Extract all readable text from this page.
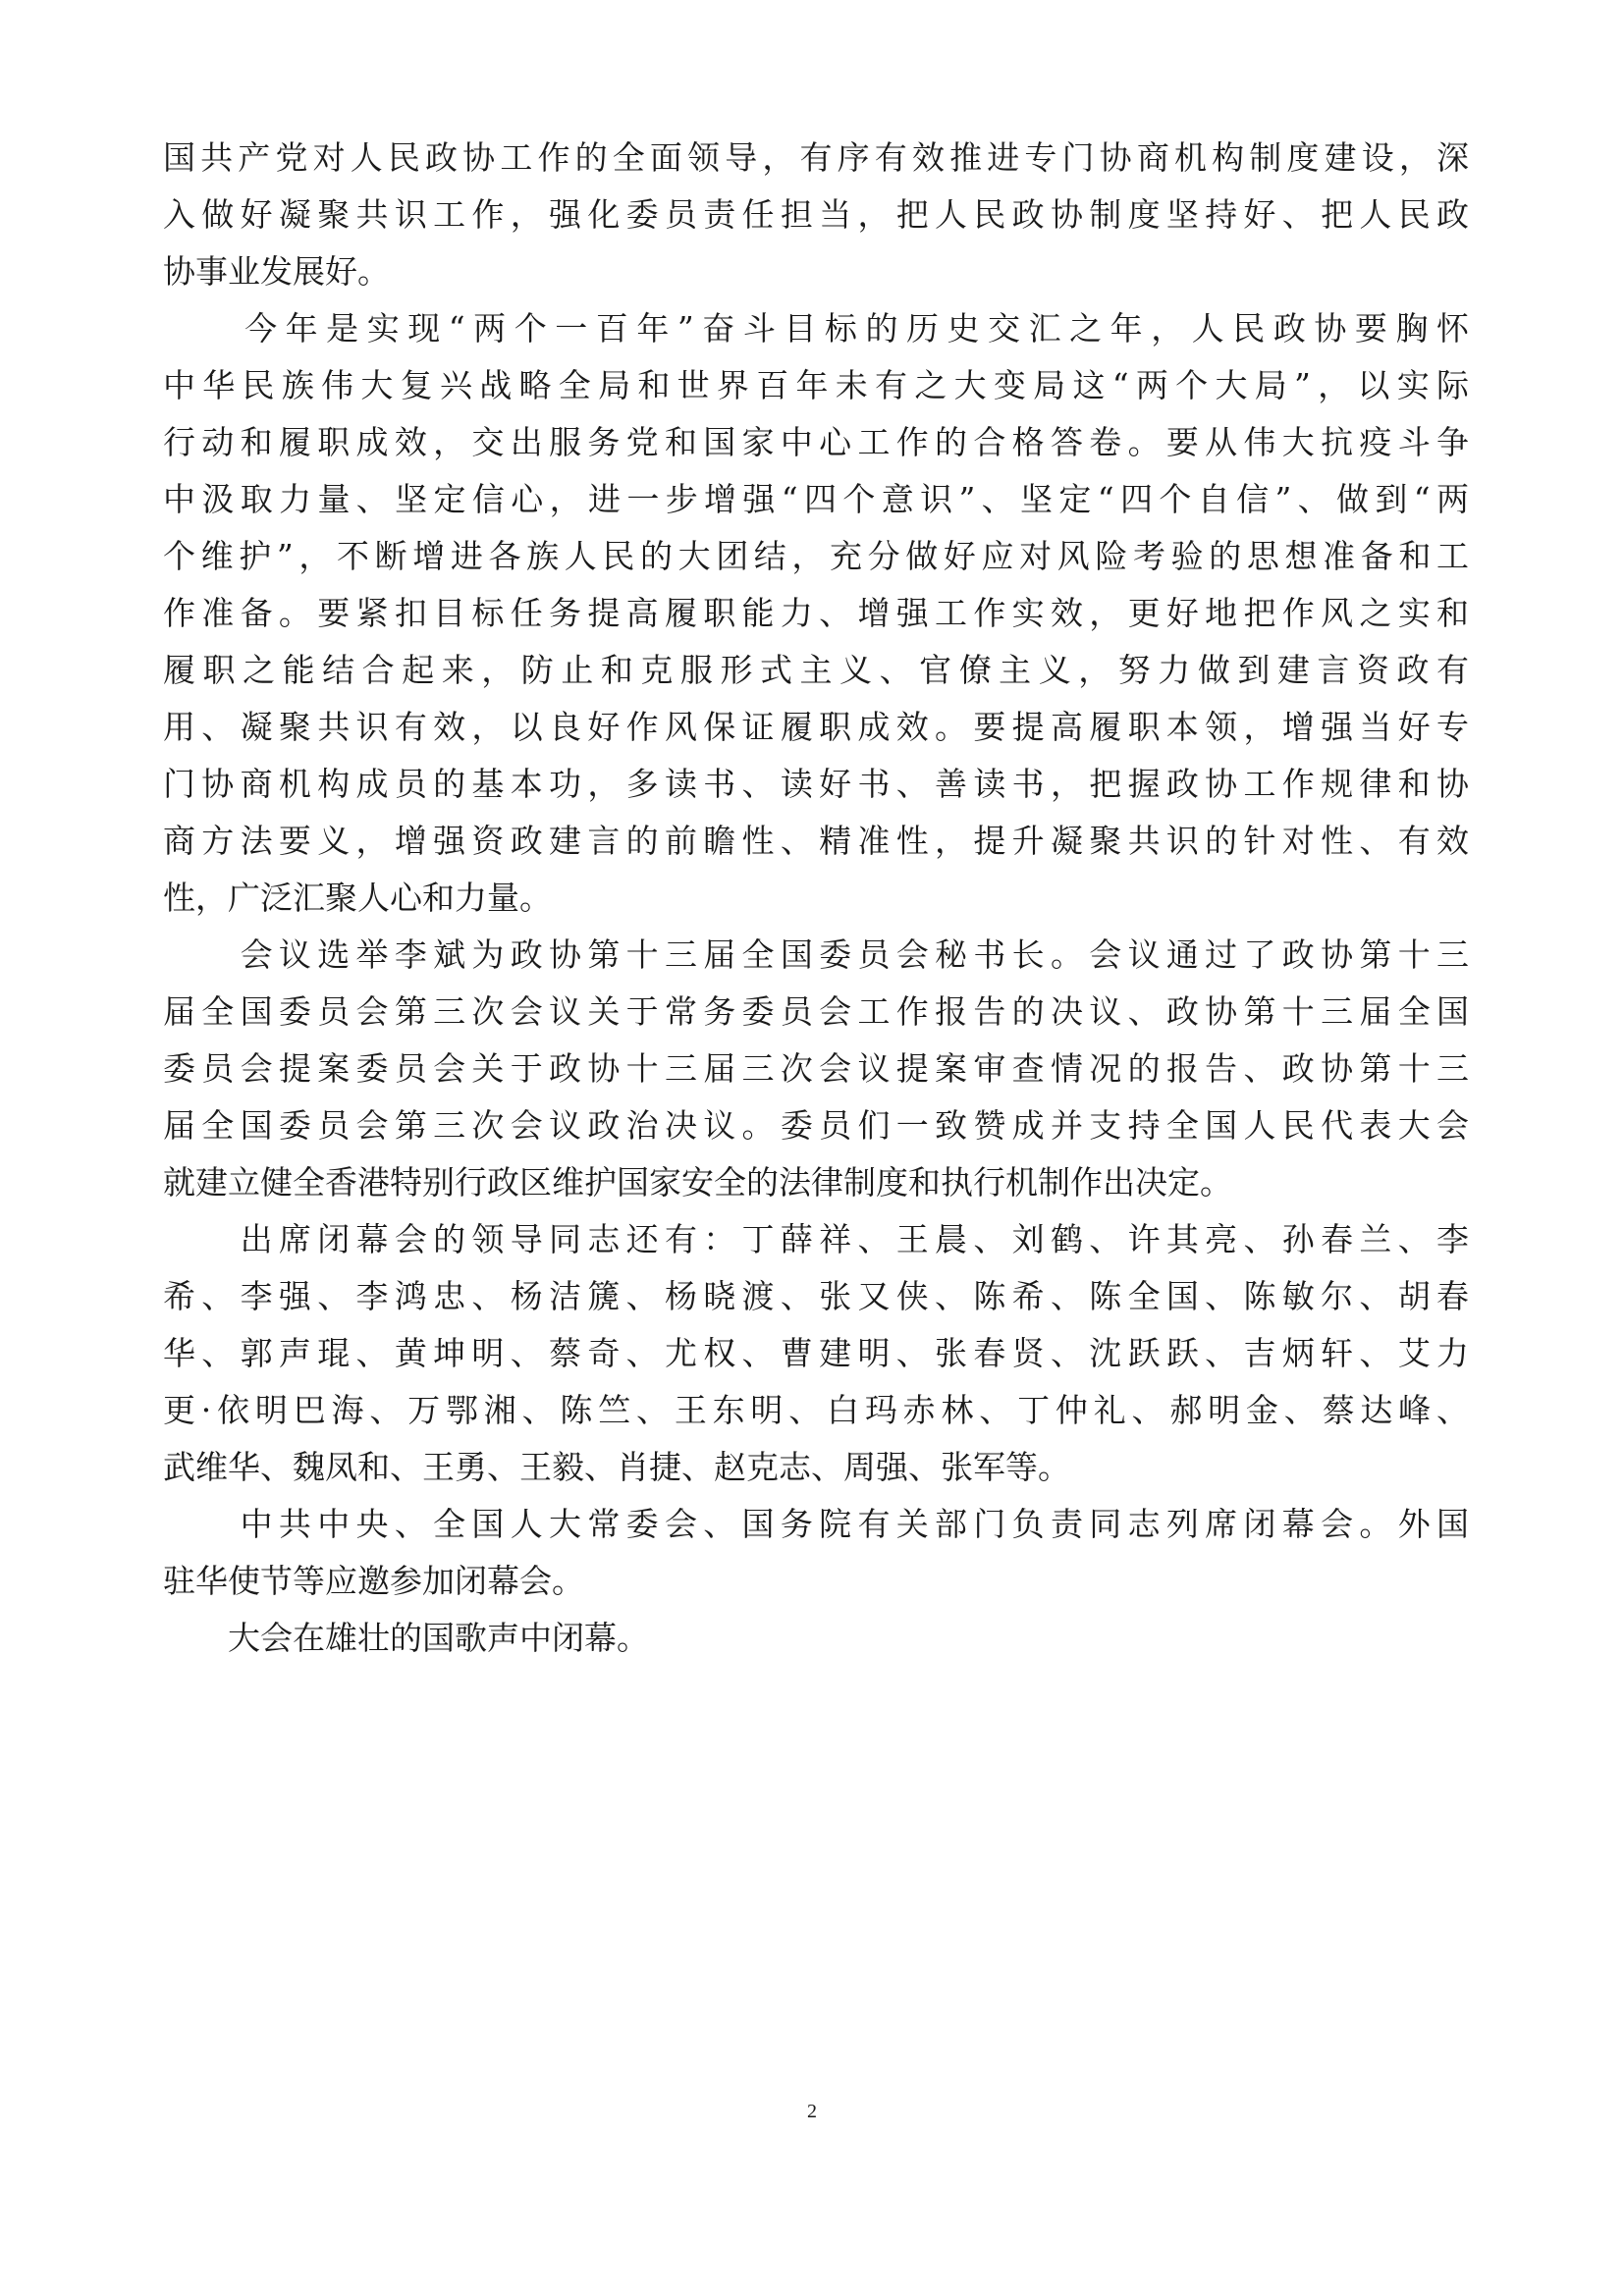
国共产党对人民政协工作的全面领导，有序有效推进专门协商机构制度建设，深
入做好凝聚共识工作，强化委员责任担当，把人民政协制度坚持好、把人民政
协事业发展好。
　　今年是实现“两个一百年”奋斗目标的历史交汇之年，人民政协要胸怀
中华民族伟大复兴战略全局和世界百年未有之大变局这“两个大局”，以实际
行动和履职成效，交出服务党和国家中心工作的合格答卷。要从伟大抗疫斗争
中汲取力量、坚定信心，进一步增强“四个意识”、坚定“四个自信”、做到“两
个维护”，不断增进各族人民的大团结，充分做好应对风险考验的思想准备和工
作准备。要紧扣目标任务提高履职能力、增强工作实效，更好地把作风之实和
履职之能结合起来，防止和克服形式主义、官僚主义，努力做到建言资政有
用、凝聚共识有效，以良好作风保证履职成效。要提高履职本领，增强当好专
门协商机构成员的基本功，多读书、读好书、善读书，把握政协工作规律和协
商方法要义，增强资政建言的前瞻性、精准性，提升凝聚共识的针对性、有效
性，广泛汇聚人心和力量。
　　会议选举李斌为政协第十三届全国委员会秘书长。会议通过了政协第十三
届全国委员会第三次会议关于常务委员会工作报告的决议、政协第十三届全国
委员会提案委员会关于政协十三届三次会议提案审查情况的报告、政协第十三
届全国委员会第三次会议政治决议。委员们一致赞成并支持全国人民代表大会
就建立健全香港特别行政区维护国家安全的法律制度和执行机制作出决定。
　　出席闭幕会的领导同志还有：丁薛祥、王晨、刘鹤、许其亮、孙春兰、李
希、李强、李鸿忠、杨洁篪、杨晓渡、张又侠、陈希、陈全国、陈敏尔、胡春
华、郭声琨、黄坤明、蔡奇、尤权、曹建明、张春贤、沈跃跃、吉炳轩、艾力
更·依明巴海、万鄂湘、陈竺、王东明、白玛赤林、丁仲礼、郝明金、蔡达峰、
武维华、魏凤和、王勇、王毅、肖捷、赵克志、周强、张军等。
　　中共中央、全国人大常委会、国务院有关部门负责同志列席闭幕会。外国
驻华使节等应邀参加闭幕会。
　　大会在雄壮的国歌声中闭幕。
2
